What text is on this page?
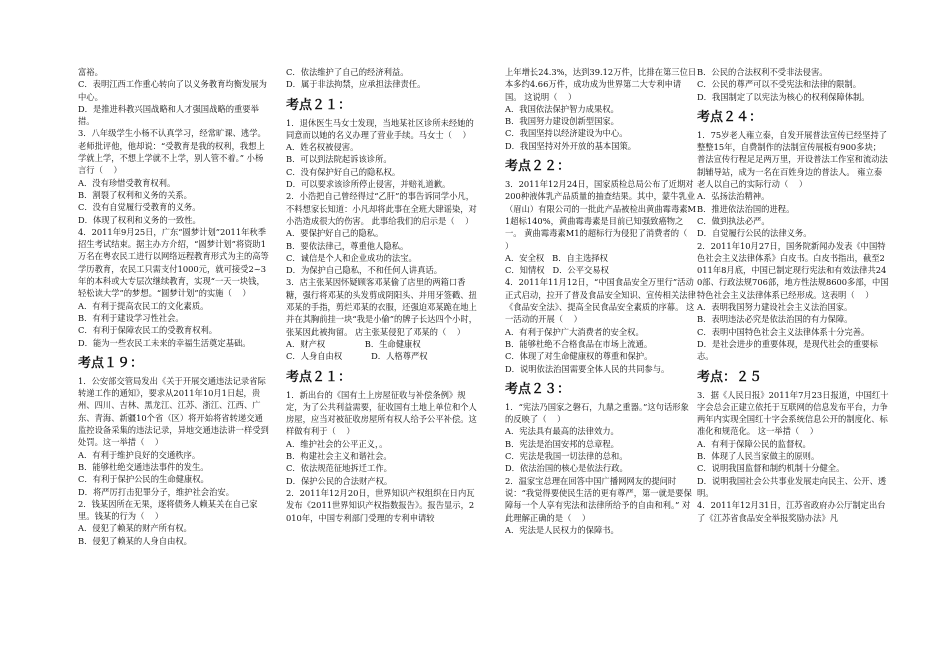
富裕。

C．表明江西工作重心转向了以义务教育均衡发展为中心。

D．是推进科教兴国战略和人才强国战略的重要举措。

3．八年级学生小杨不认真学习，经常旷课、逃学。老师批评他，他却说：“受教育是我的权利，我想上学就上学，不想上学就不上学，别人管不着。” 小杨言行（    ）

A．没有珍惜受教育权利。

B．割裂了权利和义务的关系。

C．没有自觉履行受教育的义务。

D．体现了权利和义务的一致性。

4．2011年9月25日，广东“圆梦计划”2011年秋季招生考试结束。据主办方介绍，“圆梦计划”将资助1万名在粤农民工进行以网络远程教育形式为主的高等学历教育，农民工只需支付1000元，就可接受2~3年的本科或大专层次继续教育，实现“一天一块钱，轻松读大学”的梦想。“圆梦计划”的实施（    ）

A．有利于提高农民工的文化素质。

B．有利于建设学习性社会。

C．有利于保障农民工的受教育权利。

D．能为一些农民工未来的幸福生活奠定基础。

考点１９：

1．公安部交管局发出《关于开展交通违法记录省际转递工作的通知》，要求从2011年10月1日起，贵州、四川、吉林、黑龙江、江苏、浙江、江西、广东、青海、新疆10个省（区）将开始将省转递交通监控设备采集的违法记录，异地交通违法讲一样受到处罚。这一举措（    ）

A．有利于维护良好的交通秩序。

B．能够杜绝交通违法事件的发生。

C．有利于保护公民的生命健康权。

D．将严厉打击犯罪分子，维护社会治安。

2．钱某因所在无果，逐将债务人赖某关在自己家里。钱某的行为（    ）

A．侵犯了赖某的财产所有权。

B．侵犯了赖某的人身自由权。

C．依法维护了自己的经济利益。

D．属于非法拘禁，应承担法律责任。

考点２１：

1．退休医生马女士发现，当地某社区诊所未经她的同意而以她的名义办理了营业手续。马女士（    ）

A．姓名权被侵害。

B．可以到法院起诉该诊所。

C．没有保护好自己的隐私权。

D．可以要求该诊所停止侵害，并赔礼道歉。

2．小浩把自己曾经得过“乙肝”的事告诉同学小凡，不料想家长知道：小凡却将此事在全班大肆谣染，对小浩造成很大的伤害。 此事给我们的启示是（    ）

A．要保护好自己的隐私。

B．要依法律己，尊重他人隐私。

C．诚信是个人和企业成功的法宝。

D．为保护自己隐私，不和任何人讲真话。

3．店主张某因怀疑顾客邓某偷了店里的两箱口香糖，强行将邓某的头发剪成阴阳头、并用牙签戳、扭邓某的手指，剪烂邓某的衣服，还强迫邓某跪在地上并在其胸前挂一块“我是小偷”的牌子长达四个小时，张某因此被拘留。 店主张某侵犯了邓某的（    ）

A．财产权               B．生命健康权

C．人身自由权           D．人格尊严权

考点２１：

1．新出台的《国有土上房屋征收与补偿条例》规定，为了公共利益需要，征收国有土地上单位和个人房屋，应当对被征收房屋所有权人给予公平补偿。这样做有利于（    ）

A．维护社会的公平正义，。

B．构建社会主义和谐社会。

C．依法规范征地拆迁工作。

D．保护公民的合法财产权。

2．2011年12月20日，世界知识产权组织在日内瓦发布《2011世界知识产权指数报告》。报告显示，2010年，中国专利部门受理的专利申请较

上年增长24.3%，达到39.12万件，比排在第三位日本多约4.66万件，成功成为世界第二大专利申请国。 这说明（    ）

A．我国依法保护智力成果权。

B．我国努力建设创新型国家。

C．我国坚持以经济建设为中心。

D．我国坚持对外开放的基本国策。

考点２２：

3．2011年12月24日，国家质检总局公布了近期对200种液体乳产品质量的抽查结果。其中，蒙牛乳业（眉山）有限公司的一批此产品被检出黄曲霉毒素M1超标140%，黄曲霉毒素是目前已知强致癌物之一。 黄曲霉毒素M1的超标行为侵犯了消费者的（    ）

A．安全权   B．自主选择权

C．知情权   D．公平交易权

4．2011年11月12日，“中国食品安全万里行”活动正式启动，拉开了普及食品安全知识、宣传相关法律《食品安全法》、提高全民食品安全素质的序幕。 这一活动的开展（    ）

A．有利于保护广大消费者的安全权。

B．能够杜绝不合格食品在市场上流通。

C．体现了对生命健康权的尊重和保护。

D．说明依法治国需要全体人民的共同参与。

考点２３：

1．“宪法乃国家之磐石，九鼎之重器。”这句话形象的反映了（    ）

A．宪法具有最高的法律效力。

B．宪法是治国安邦的总章程。

C．宪法是我国一切法律的总和。

D．依法治国的核心是依法行政。

2．温家宝总理在回答中国广播网网友的提问时说：“我觉得要使民生活的更有尊严，第一就是要保障每一个人享有宪法和法律所给予的自由和利。” 对此理解正确的是（    ）

A．宪法是人民权力的保障书。

B．公民的合法权利不受非法侵害。

C．公民的尊严可以不受宪法和法律的限制。

D．我国制定了以宪法为核心的权利保障体制。

考点２４：

1．75岁老人雍立泰，自发开展普法宣传已经坚持了整整15年，自费制作的法制宣传展板有900多块；普法宣传行程足足两万里，开设普法工作室和流动法制辅导站，成为一名在百姓身边的普法人。 雍立泰老人以自己的实际行动（    ）

A．弘扬法治精神。

B．推进依法治国的进程。

C．做到执法必严。

D．自觉履行公民的法律义务。

2．2011年10月27日，国务院新闻办发表《中国特色社会主义法律体系》白皮书。白皮书指出，截至2011年8月底，中国已制定现行宪法和有效法律共240部、行政法规706部，地方性法规8600多部，中国特色社会主义法律体系已经形成。这表明（    ）

A．表明我国努力建设社会主义法治国家。

B．表明违法必究是依法治国的有力保障。

C．表明中国特色社会主义法律体系十分完善。

D．是社会进步的重要体现，是现代社会的重要标志。

考点：２５

3．据《人民日报》2011年7月23日报道，中国红十字会总会正建立依托于互联网的信息发布平台，力争两年内实现全国红十字会系统信息公开的制度化、标准化和规范化。 这一举措（    ）

A．有利于保障公民的监督权。

B．体现了人民当家做主的原则。

C．说明我国监督和制约机制十分健全。

D．说明我国社会公共事业发展走向民主、公开、透明。

4．2011年12月31日，江苏省政府办公厅制定出台了《江苏省食品安全举报奖励办法》凡
